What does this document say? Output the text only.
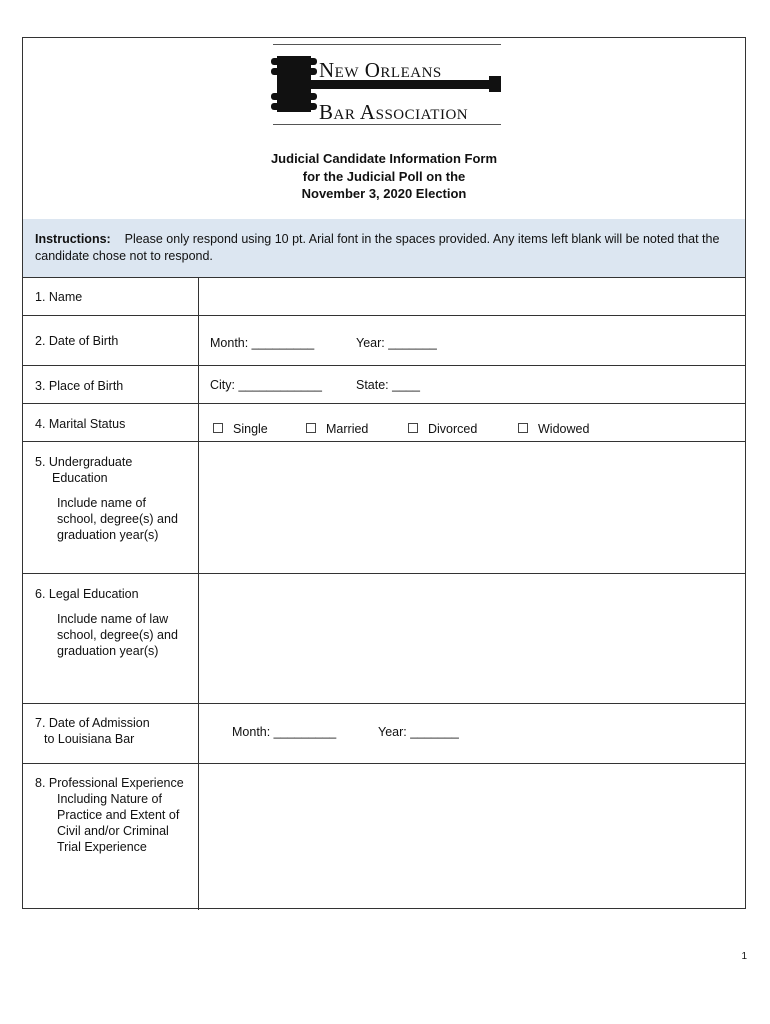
New Orleans
Bar Association
Judicial Candidate Information Form
for the Judicial Poll on the
November 3, 2020 Election
Instructions: Please only respond using 10 pt. Arial font in the spaces provided. Any items left blank will be noted that the candidate chose not to respond.
1. Name
2. Date of Birth	Month: _________	Year: _______
3. Place of Birth	City: ____________	State: ____
4. Marital Status	Single	Married	Divorced	Widowed
5. Undergraduate
Education
Include name of school, degree(s) and graduation year(s)
6. Legal Education
Include name of law school, degree(s) and graduation year(s)
7. Date of Admission
to Louisiana Bar	Month: _________	Year: _______
8. Professional Experience Including Nature of Practice and Extent of Civil and/or Criminal Trial Experience
1
